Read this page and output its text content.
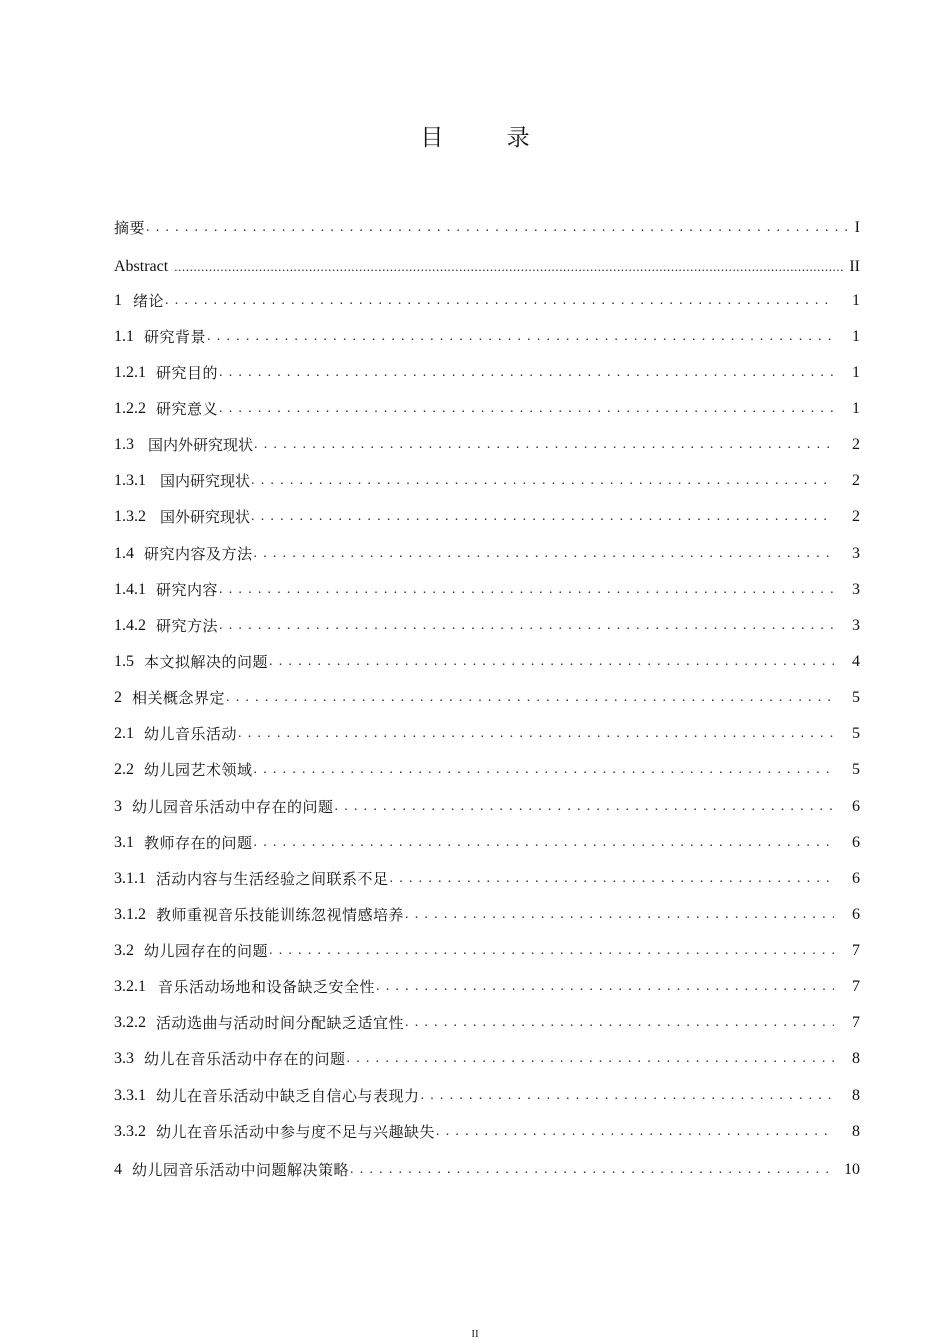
目 录
摘要 .....	I
Abstract .....	II
1 绪论 .....	1
1.1 研究背景 .....	1
1.2.1 研究目的 .....	1
1.2.2 研究意义 .....	1
1.3 国内外研究现状 .....	2
1.3.1 国内研究现状 .....	2
1.3.2 国外研究现状 .....	2
1.4 研究内容及方法 .....	3
1.4.1 研究内容 .....	3
1.4.2 研究方法 .....	3
1.5 本文拟解决的问题 .....	4
2 相关概念界定 .....	5
2.1 幼儿音乐活动 .....	5
2.2 幼儿园艺术领域 .....	5
3 幼儿园音乐活动中存在的问题 .....	6
3.1 教师存在的问题 .....	6
3.1.1 活动内容与生活经验之间联系不足 .....	6
3.1.2 教师重视音乐技能训练忽视情感培养 .....	6
3.2 幼儿园存在的问题 .....	7
3.2.1 音乐活动场地和设备缺乏安全性 .....	7
3.2.2 活动选曲与活动时间分配缺乏适宜性 .....	7
3.3 幼儿在音乐活动中存在的问题 .....	8
3.3.1 幼儿在音乐活动中缺乏自信心与表现力 .....	8
3.3.2 幼儿在音乐活动中参与度不足与兴趣缺失 .....	8
4 幼儿园音乐活动中问题解决策略 .....	10
II
